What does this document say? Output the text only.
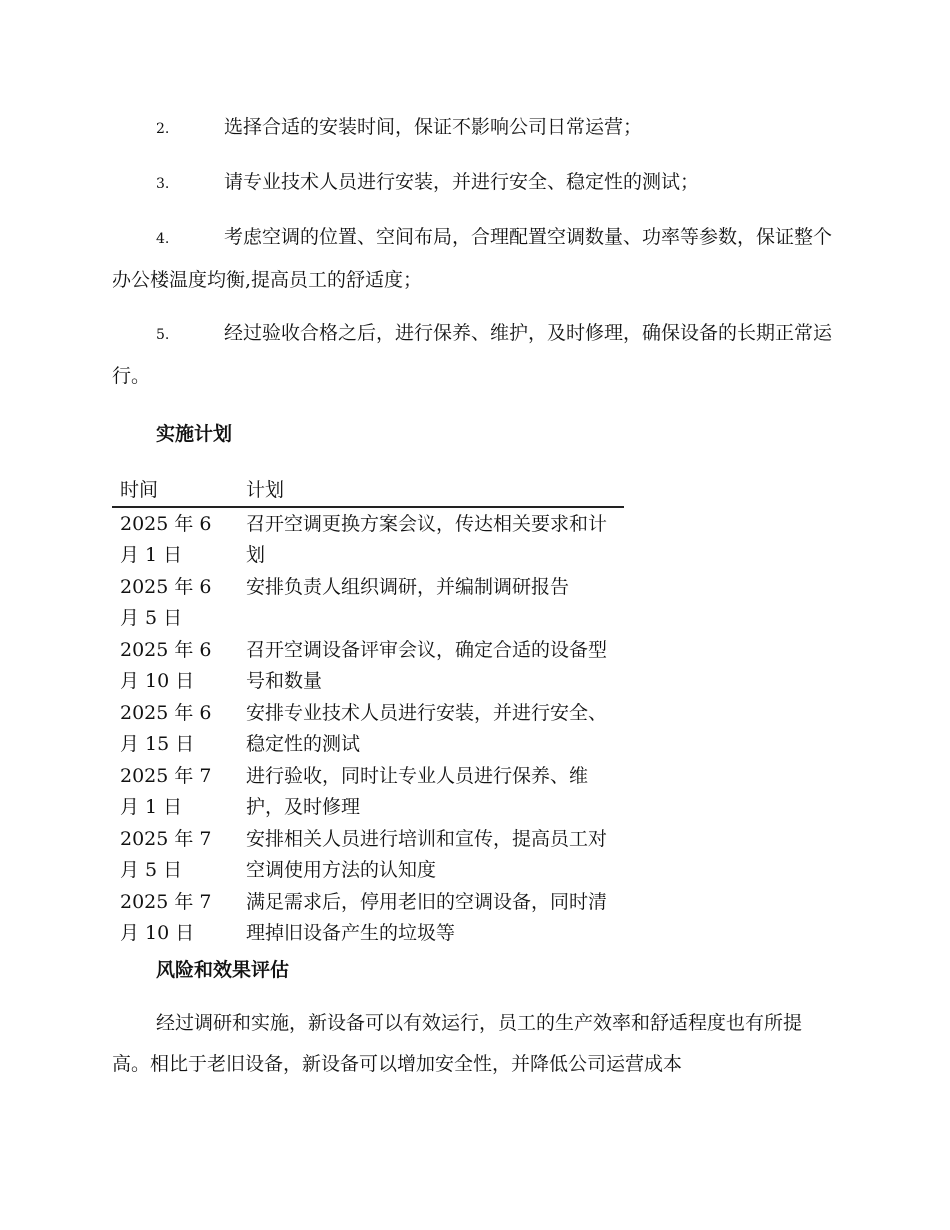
2.	选择合适的安装时间，保证不影响公司日常运营；
3.	请专业技术人员进行安装，并进行安全、稳定性的测试；
4.	考虑空调的位置、空间布局，合理配置空调数量、功率等参数，保证整个办公楼温度均衡,提高员工的舒适度；
5.	经过验收合格之后，进行保养、维护，及时修理，确保设备的长期正常运行。
实施计划
时间	计划
2025 年 6 月 1 日	召开空调更换方案会议，传达相关要求和计划
2025 年 6 月 5 日	安排负责人组织调研，并编制调研报告
2025 年 6 月 10 日	召开空调设备评审会议，确定合适的设备型号和数量
2025 年 6 月 15 日	安排专业技术人员进行安装，并进行安全、稳定性的测试
2025 年 7 月 1 日	进行验收，同时让专业人员进行保养、维护，及时修理
2025 年 7 月 5 日	安排相关人员进行培训和宣传，提高员工对空调使用方法的认知度
2025 年 7 月 10 日	满足需求后，停用老旧的空调设备，同时清理掉旧设备产生的垃圾等
风险和效果评估
经过调研和实施，新设备可以有效运行，员工的生产效率和舒适程度也有所提高。相比于老旧设备，新设备可以增加安全性，并降低公司运营成本
